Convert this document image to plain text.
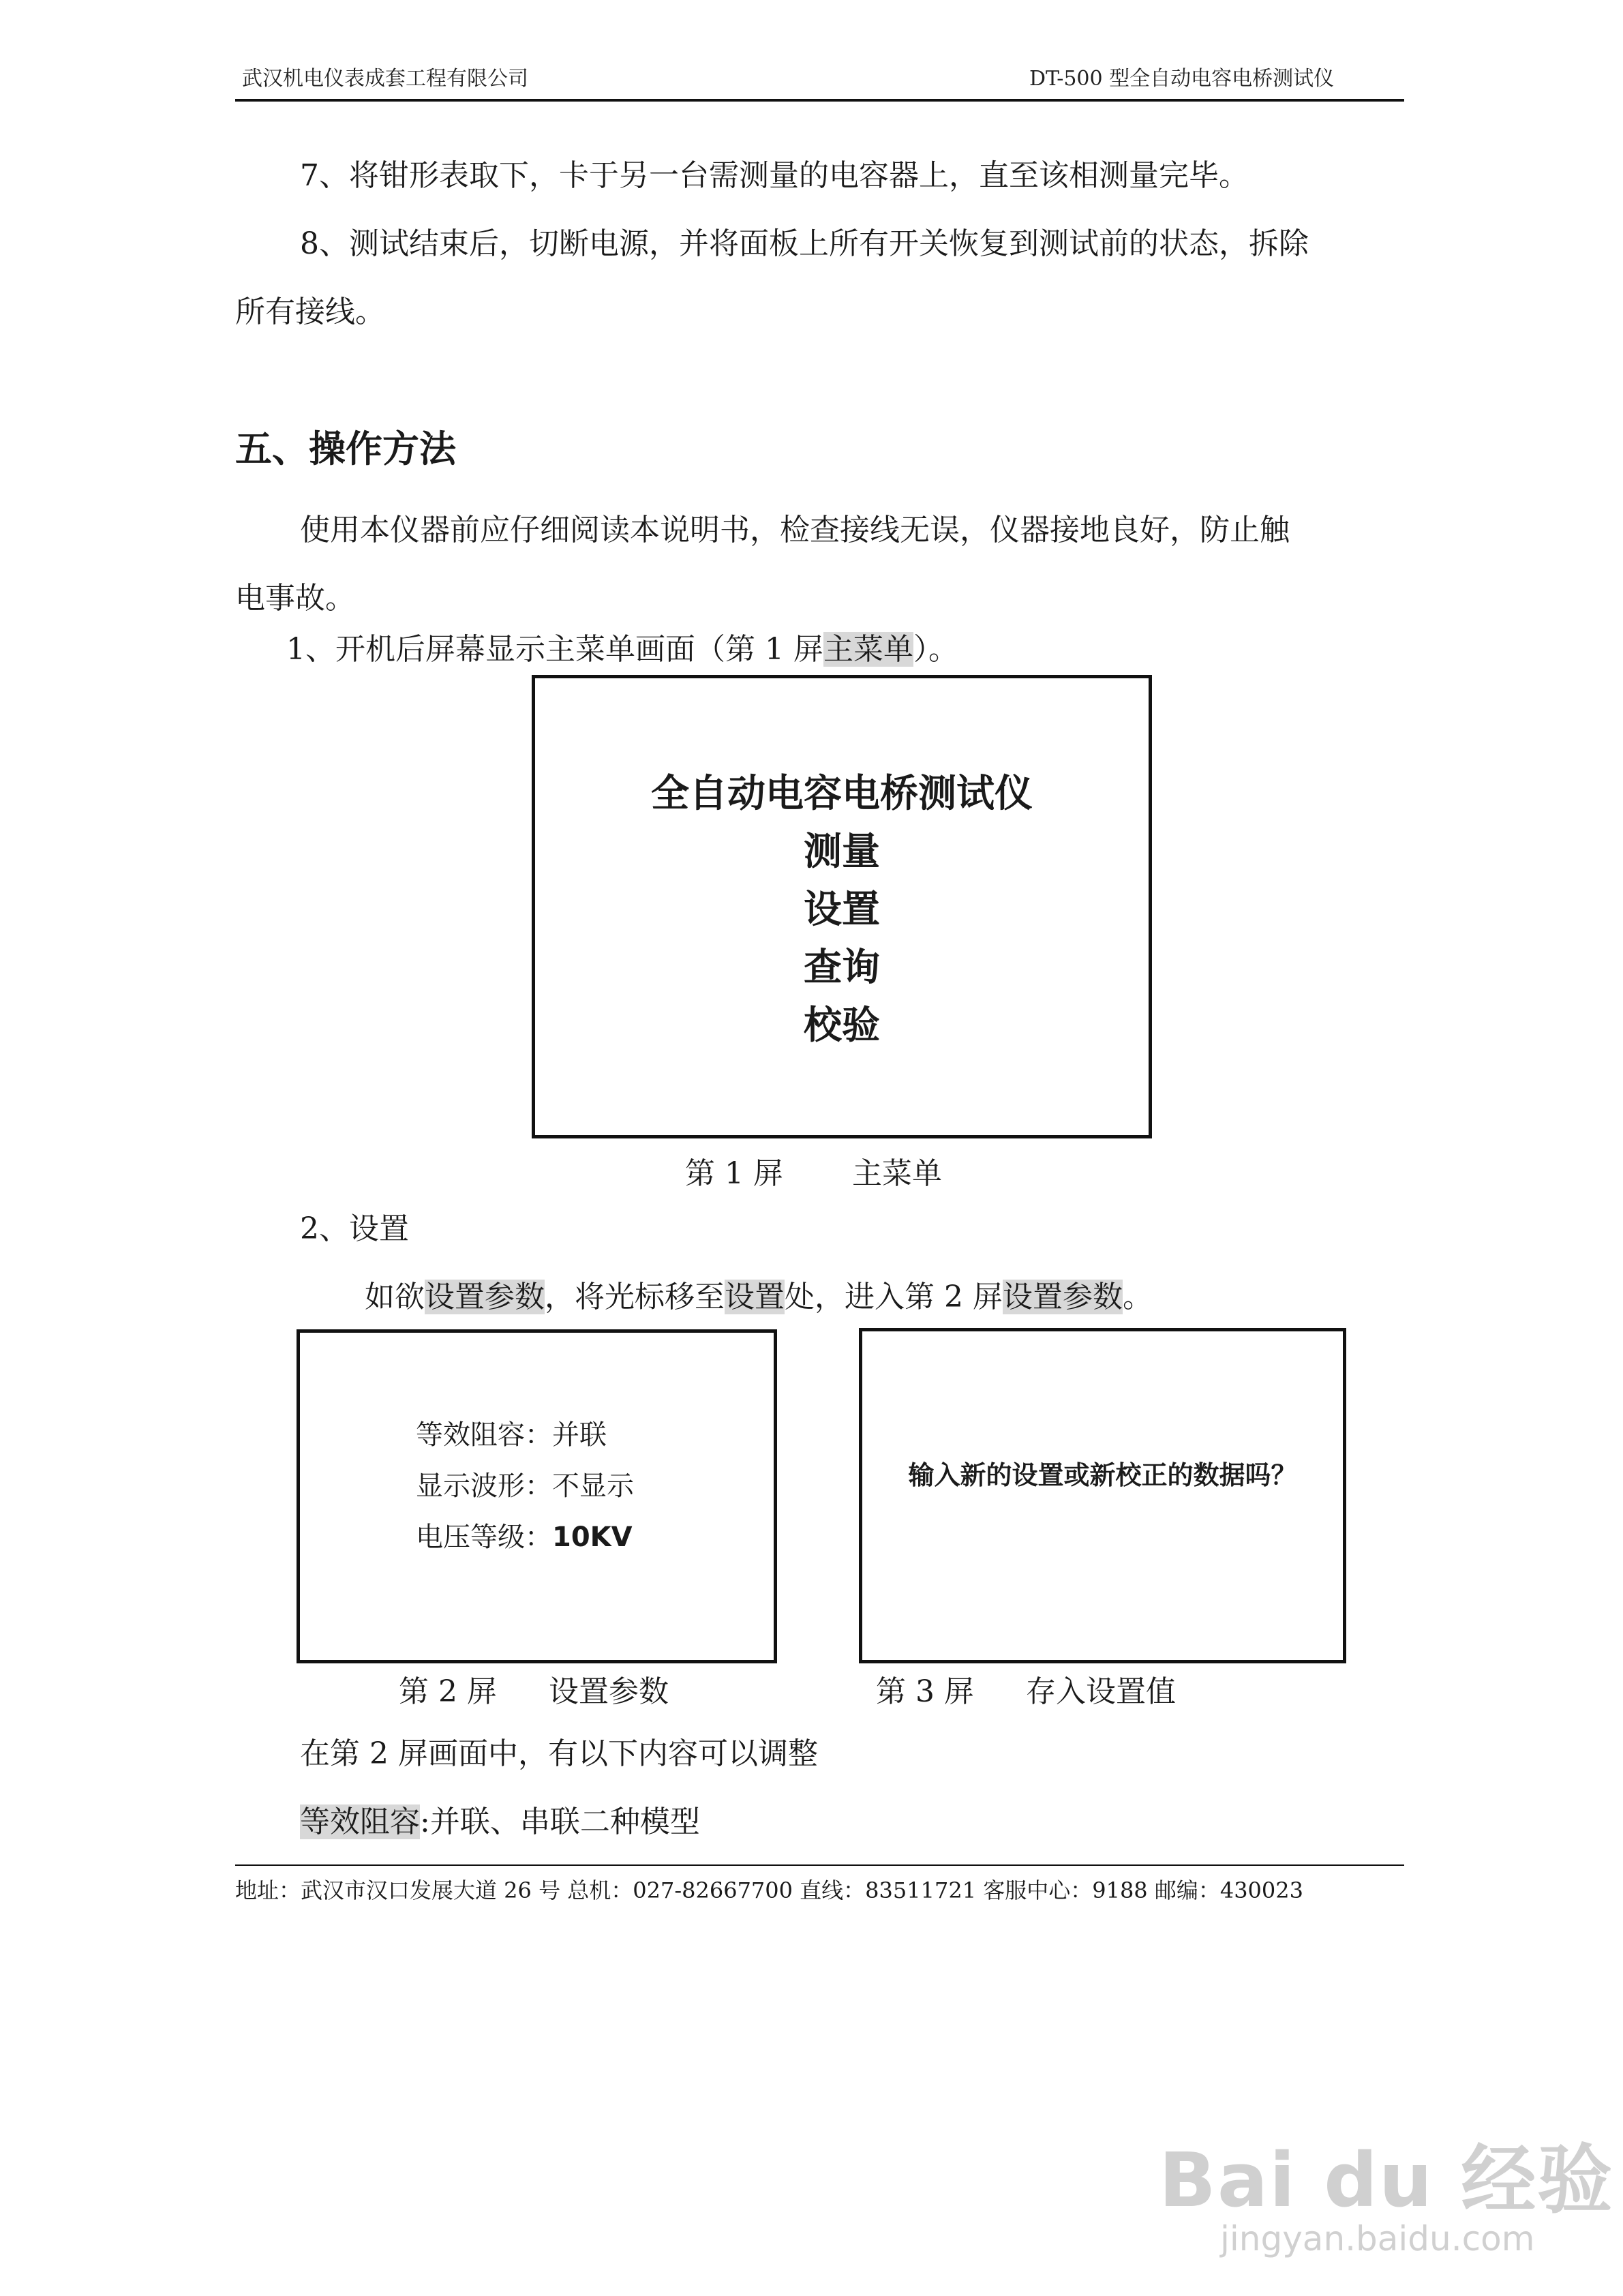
武汉机电仪表成套工程有限公司	DT-500 型全自动电容电桥测试仪
7、将钳形表取下，卡于另一台需测量的电容器上，直至该相测量完毕。
8、测试结束后，切断电源，并将面板上所有开关恢复到测试前的状态，拆除
所有接线。
五、操作方法
使用本仪器前应仔细阅读本说明书，检查接线无误，仪器接地良好，防止触
电事故。
1、开机后屏幕显示主菜单画面（第 1 屏主菜单）。
全自动电容电桥测试仪
测量
设置
查询
校验
第 1 屏 主菜单
2、设置
如欲设置参数，将光标移至设置处，进入第 2 屏设置参数。
等效阻容：并联
显示波形：不显示
电压等级：10KV
第 2 屏 设置参数
输入新的设置或新校正的数据吗？
第 3 屏 存入设置值
在第 2 屏画面中，有以下内容可以调整
等效阻容:并联、串联二种模型
地址：武汉市汉口发展大道 26 号 总机：027-82667700 直线：83511721 客服中心：9188 邮编：430023
Bai du 经验
jingyan.baidu.com
